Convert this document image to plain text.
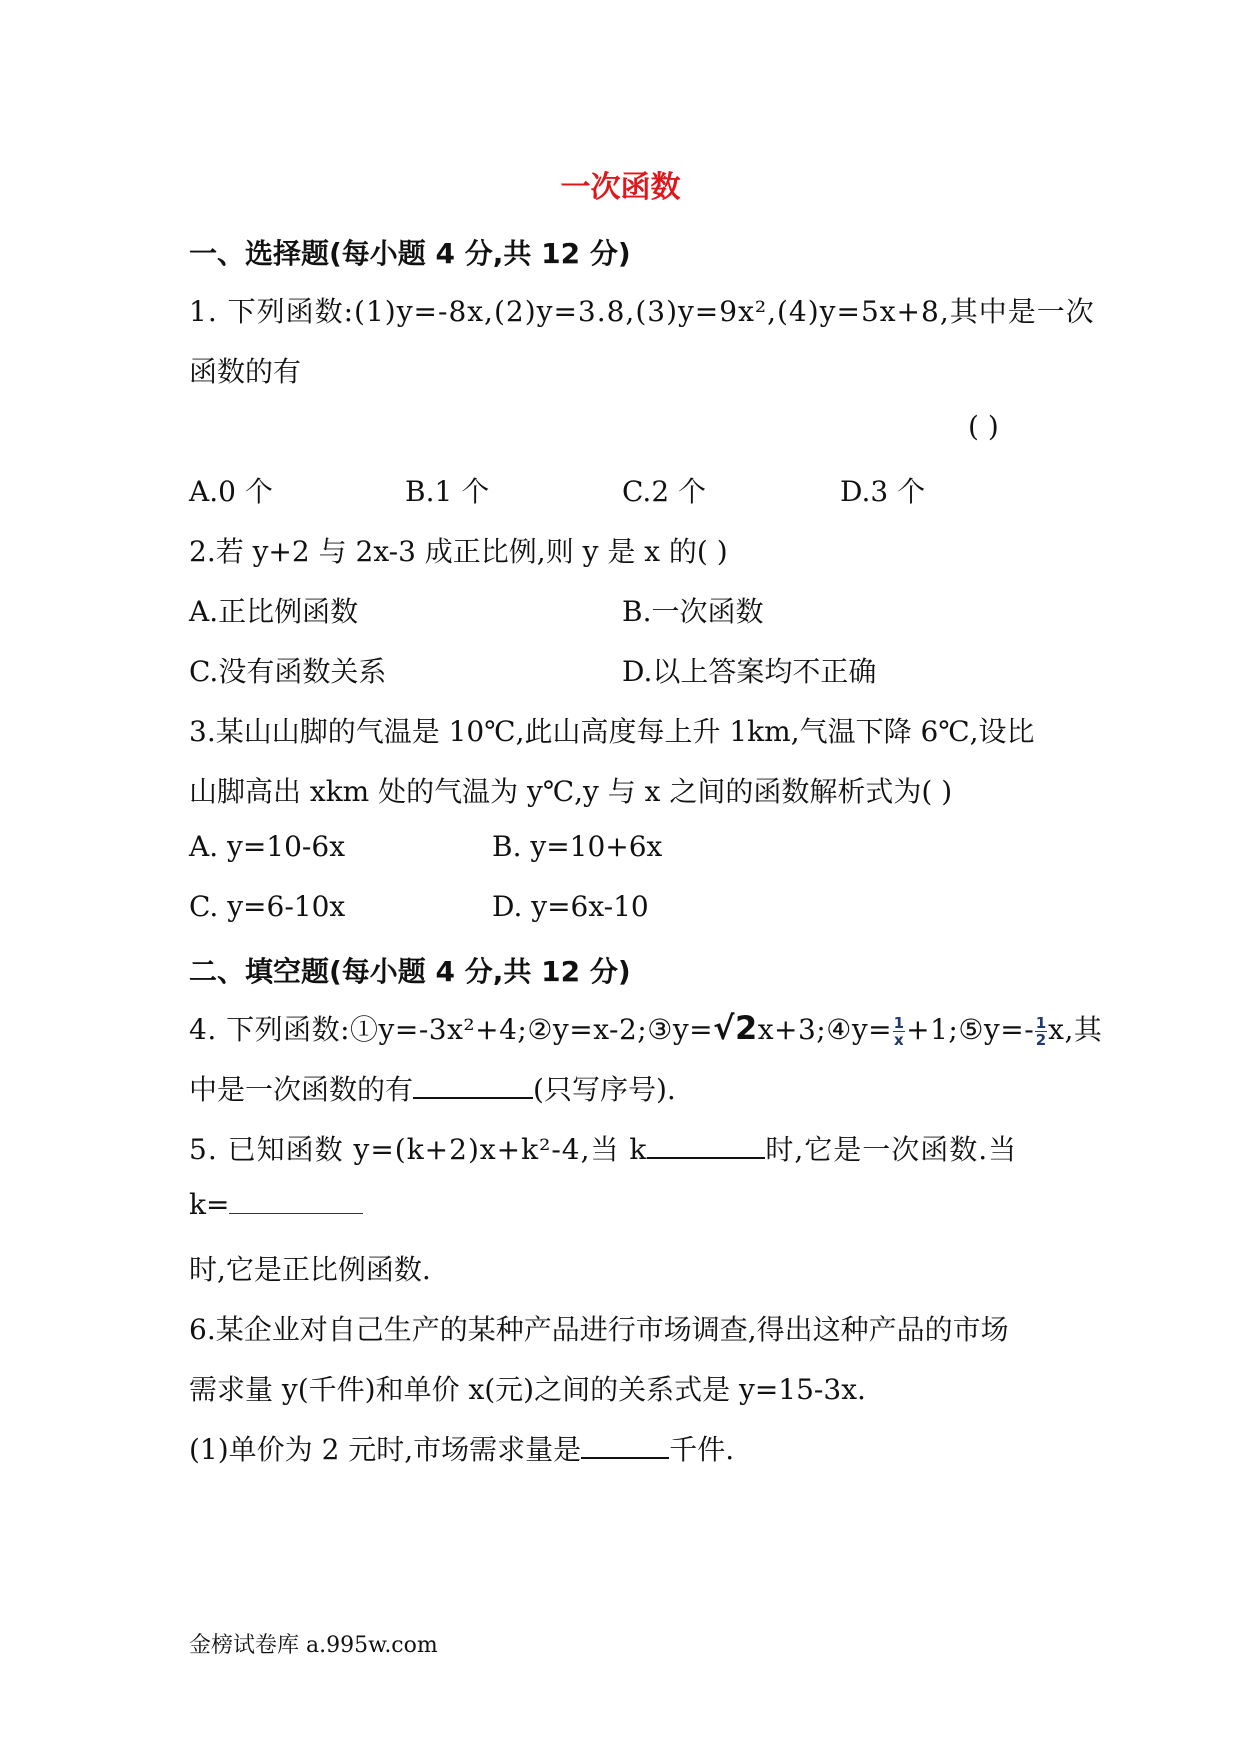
一次函数
一、选择题(每小题 4 分,共 12 分)
1. 下列函数:(1)y=-8x,(2)y=3.8,(3)y=9x²,(4)y=5x+8,其中是一次
函数的有
( )
A.0 个	B.1 个	C.2 个	D.3 个
2.若 y+2 与 2x-3 成正比例,则 y 是 x 的( )
A.正比例函数	B.一次函数
C.没有函数关系	D.以上答案均不正确
3.某山山脚的气温是 10℃,此山高度每上升 1km,气温下降 6℃,设比
山脚高出 xkm 处的气温为 y℃,y 与 x 之间的函数解析式为( )
A. y=10-6x	B. y=10+6x
C. y=6-10x	D. y=6x-10
二、填空题(每小题 4 分,共 12 分)
4. 下列函数:①y=-3x²+4;②y=x-2;③y=√2x+3;④y= $\frac{1}{x}$ +1;⑤y=- $\frac{1}{2} x$,其
中是一次函数的有	(只写序号).
5. 已知函数 y=(k+2)x+k²-4,当 k	时,它是一次函数.当
k=
时,它是正比例函数.
6.某企业对自己生产的某种产品进行市场调查,得出这种产品的市场
需求量 y(千件)和单价 x(元)之间的关系式是 y=15-3x.
(1)单价为 2 元时,市场需求量是	千件.
金榜试卷库 a.995w.com
